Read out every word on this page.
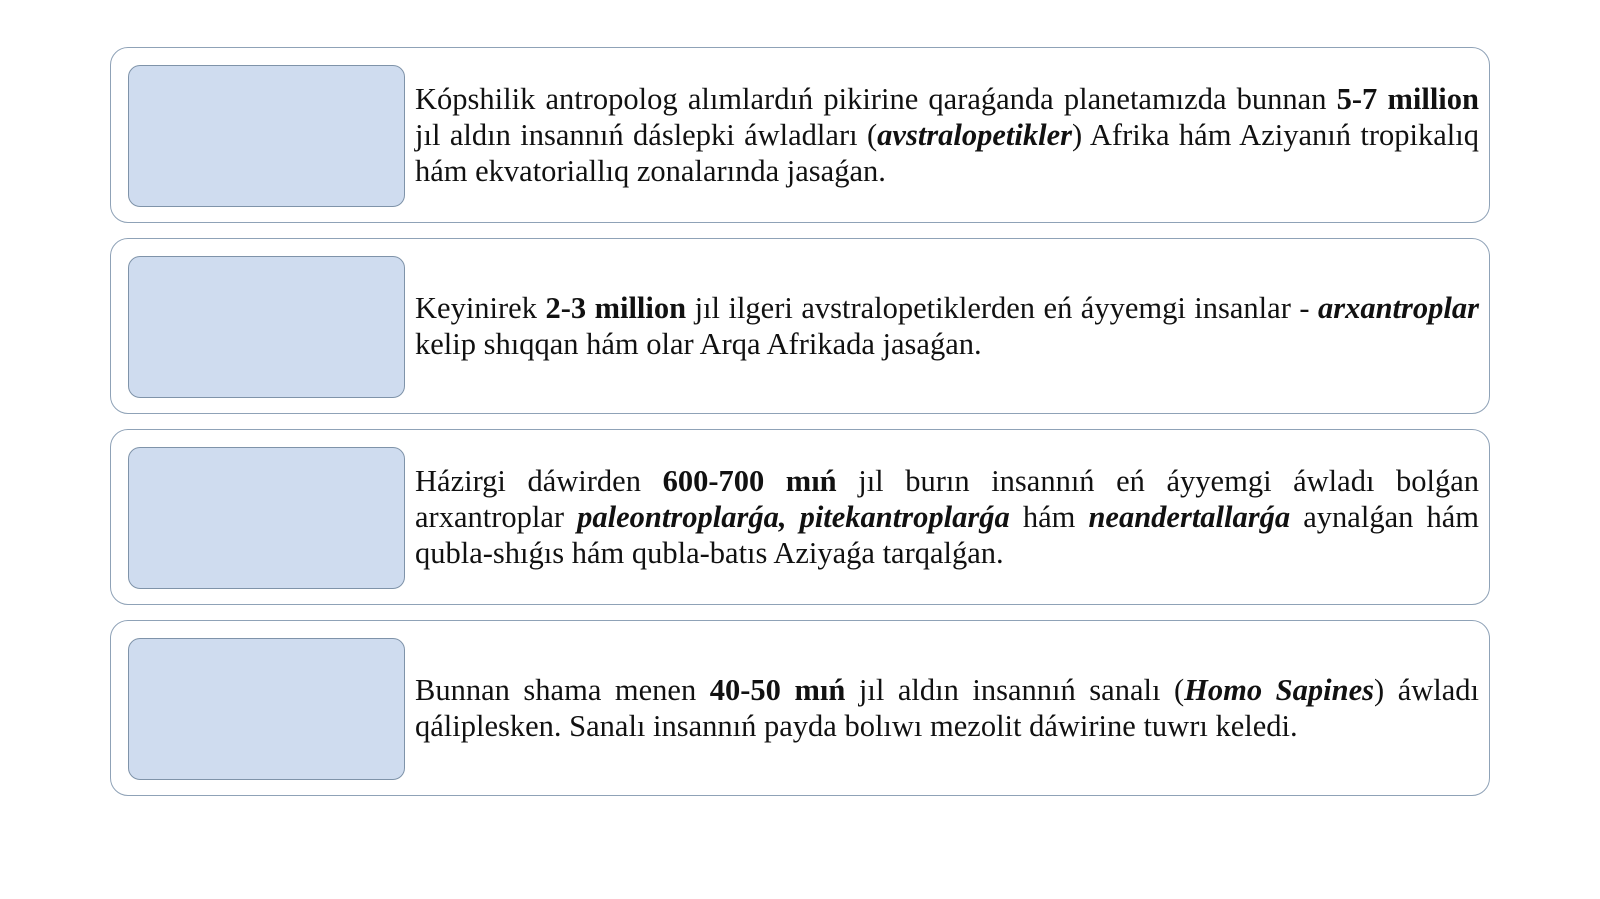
Kópshilik antropolog alımlardıń pikirine qaraǵanda planetamızda bunnan 5-7 million jıl aldın insannıń dáslepki áwladları (avstralopetikler) Afrika hám Aziyanıń tropikalıq hám ekvatoriallıq zonalarında jasaǵan.

Keyinirek 2-3 million jıl ilgeri avstralopetiklerden eń áyyemgi insanlar - arxantroplar kelip shıqqan hám olar Arqa Afrikada jasaǵan.

Házirgi dáwirden 600-700 mıń jıl burın insannıń eń áyyemgi áwladı bolǵan arxantroplar paleontroplarǵa, pitekantroplarǵa hám neandertallarǵa aynalǵan hám qubla-shıǵıs hám qubla-batıs Aziyaǵa tarqalǵan.

Bunnan shama menen 40-50 mıń jıl aldın insannıń sanalı (Homo Sapines) áwladı qáliplesken. Sanalı insannıń payda bolıwı mezolit dáwirine tuwrı keledi.
